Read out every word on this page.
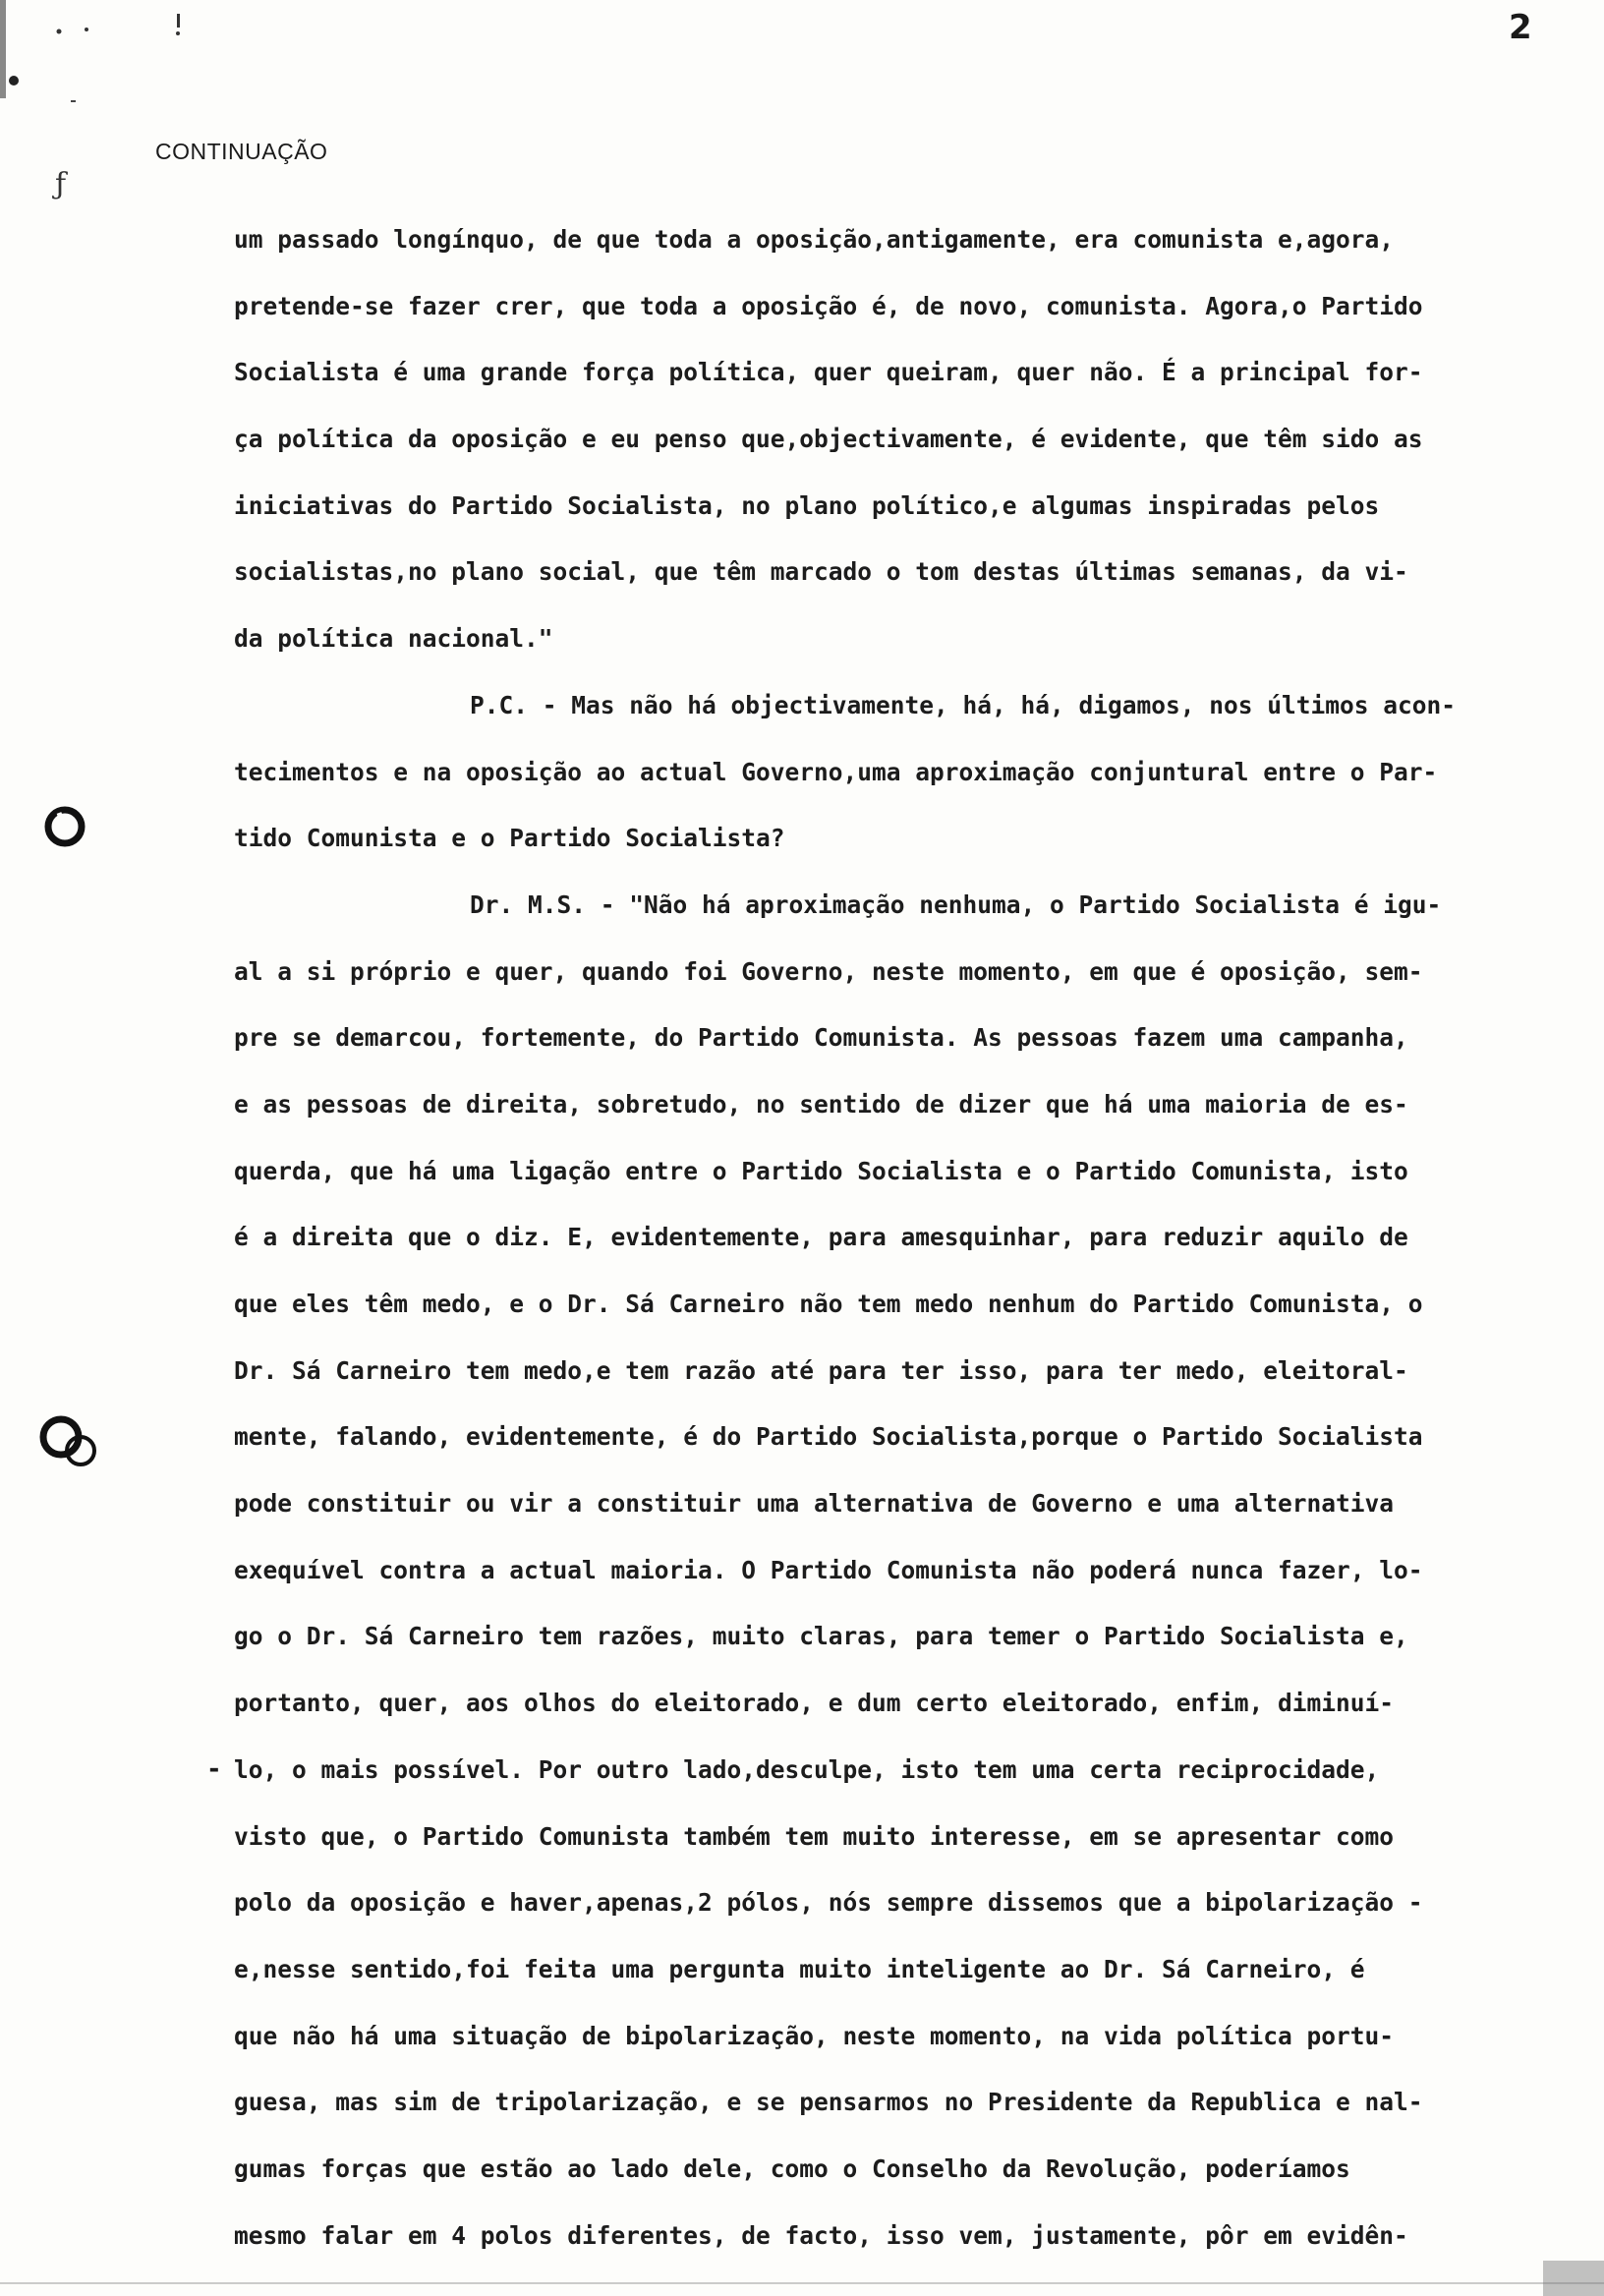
2
CONTINUAÇÃO
ƒ
-
um passado longínquo, de que toda a oposição,antigamente, era comunista e,agora,
pretende-se fazer crer, que toda a oposição é, de novo, comunista. Agora,o Partido
Socialista é uma grande força política, quer queiram, quer não. É a principal for-
ça política da oposição e eu penso que,objectivamente, é evidente, que têm sido as
iniciativas do Partido Socialista, no plano político,e algumas inspiradas pelos
socialistas,no plano social, que têm marcado o tom destas últimas semanas, da vi-
da política nacional."
P.C. - Mas não há objectivamente, há, há, digamos, nos últimos acon-
tecimentos e na oposição ao actual Governo,uma aproximação conjuntural entre o Par-
tido Comunista e o Partido Socialista?
Dr. M.S. - "Não há aproximação nenhuma, o Partido Socialista é igu-
al a si próprio e quer, quando foi Governo, neste momento, em que é oposição, sem-
pre se demarcou, fortemente, do Partido Comunista. As pessoas fazem uma campanha,
e as pessoas de direita, sobretudo, no sentido de dizer que há uma maioria de es-
querda, que há uma ligação entre o Partido Socialista e o Partido Comunista, isto
é a direita que o diz. E, evidentemente, para amesquinhar, para reduzir aquilo de
que eles têm medo, e o Dr. Sá Carneiro não tem medo nenhum do Partido Comunista, o
Dr. Sá Carneiro tem medo,e tem razão até para ter isso, para ter medo, eleitoral-
mente, falando, evidentemente, é do Partido Socialista,porque o Partido Socialista
pode constituir ou vir a constituir uma alternativa de Governo e uma alternativa
exequível contra a actual maioria. O Partido Comunista não poderá nunca fazer, lo-
go o Dr. Sá Carneiro tem razões, muito claras, para temer o Partido Socialista e,
portanto, quer, aos olhos do eleitorado, e dum certo eleitorado, enfim, diminuí-
lo, o mais possível. Por outro lado,desculpe, isto tem uma certa reciprocidade,
visto que, o Partido Comunista também tem muito interesse, em se apresentar como
polo da oposição e haver,apenas,2 pólos, nós sempre dissemos que a bipolarização -
e,nesse sentido,foi feita uma pergunta muito inteligente ao Dr. Sá Carneiro, é
que não há uma situação de bipolarização, neste momento, na vida política portu-
guesa, mas sim de tripolarização, e se pensarmos no Presidente da Republica e nal-
gumas forças que estão ao lado dele, como o Conselho da Revolução, poderíamos
mesmo falar em 4 polos diferentes, de facto, isso vem, justamente, pôr em evidên-
